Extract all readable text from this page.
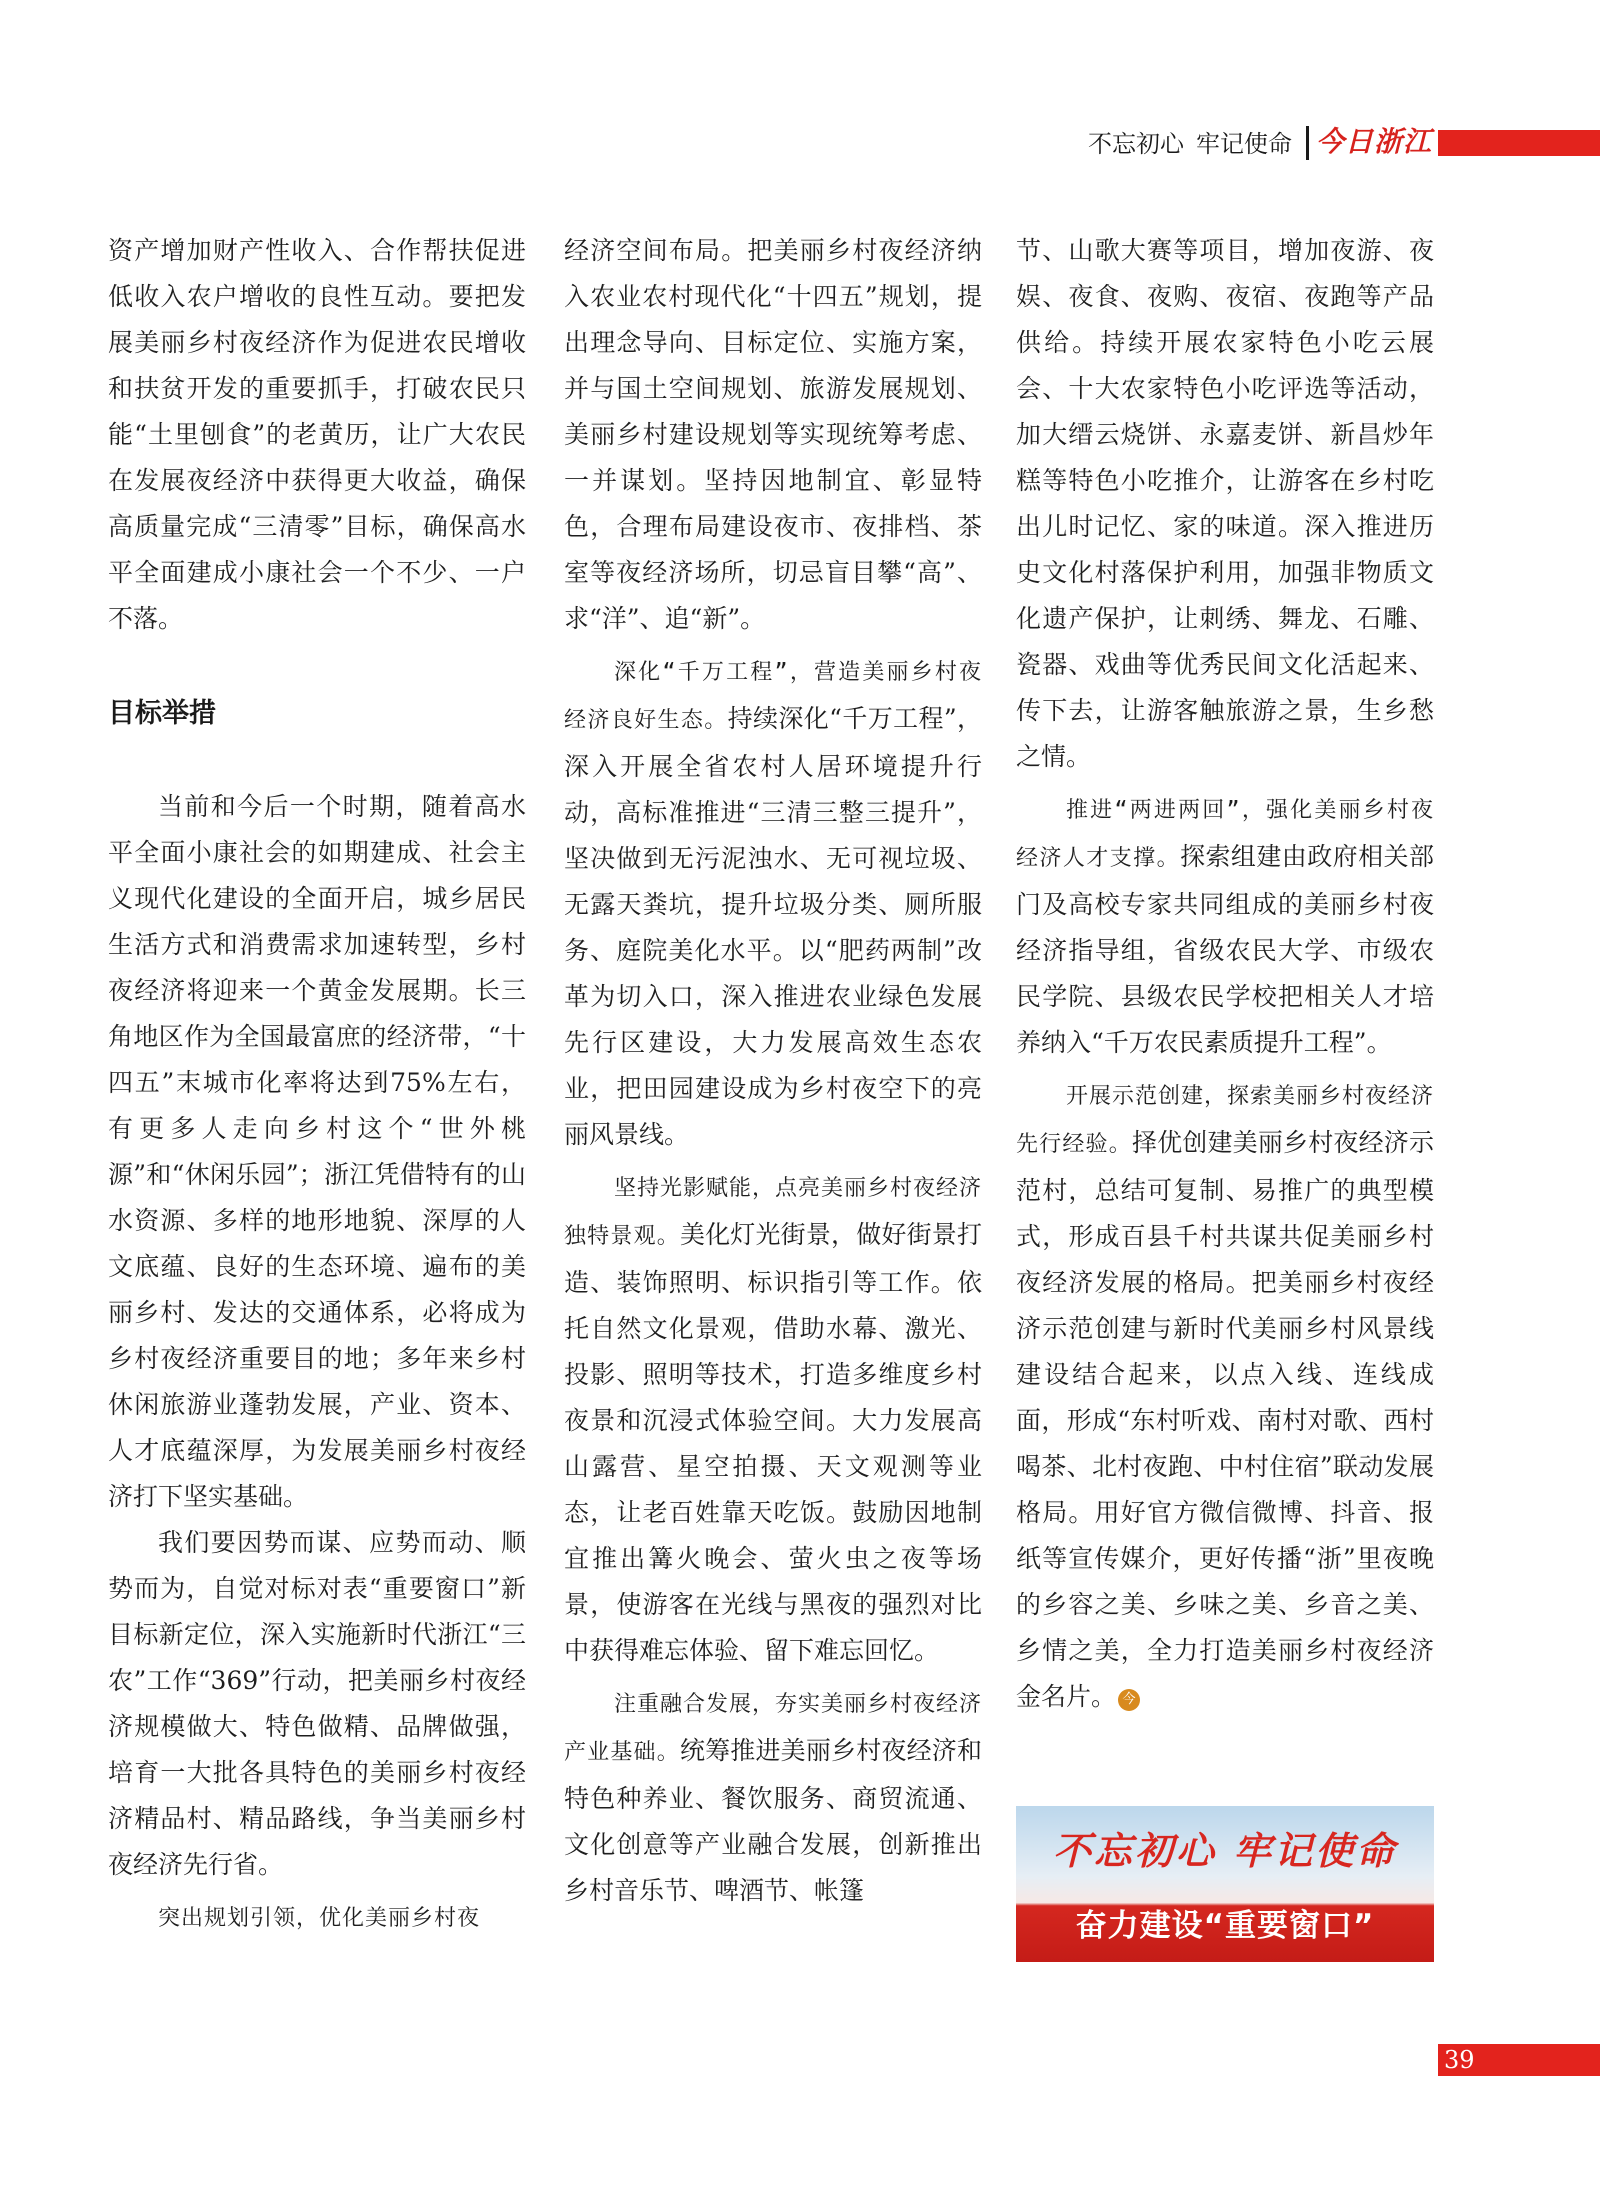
不忘初心 牢记使命 今日浙江

资产增加财产性收入、合作帮扶促进低收入农户增收的良性互动。要把发展美丽乡村夜经济作为促进农民增收和扶贫开发的重要抓手，打破农民只能“土里刨食”的老黄历，让广大农民在发展夜经济中获得更大收益，确保高质量完成“三清零”目标，确保高水平全面建成小康社会一个不少、一户不落。

目标举措

当前和今后一个时期，随着高水平全面小康社会的如期建成、社会主义现代化建设的全面开启，城乡居民生活方式和消费需求加速转型，乡村夜经济将迎来一个黄金发展期。长三角地区作为全国最富庶的经济带，“十四五”末城市化率将达到75%左右，有更多人走向乡村这个“世外桃源”和“休闲乐园”；浙江凭借特有的山水资源、多样的地形地貌、深厚的人文底蕴、良好的生态环境、遍布的美丽乡村、发达的交通体系，必将成为乡村夜经济重要目的地；多年来乡村休闲旅游业蓬勃发展，产业、资本、人才底蕴深厚，为发展美丽乡村夜经济打下坚实基础。

我们要因势而谋、应势而动、顺势而为，自觉对标对表“重要窗口”新目标新定位，深入实施新时代浙江“三农”工作“369”行动，把美丽乡村夜经济规模做大、特色做精、品牌做强，培育一大批各具特色的美丽乡村夜经济精品村、精品路线，争当美丽乡村夜经济先行省。

突出规划引领，优化美丽乡村夜

经济空间布局。把美丽乡村夜经济纳入农业农村现代化“十四五”规划，提出理念导向、目标定位、实施方案，并与国土空间规划、旅游发展规划、美丽乡村建设规划等实现统筹考虑、一并谋划。坚持因地制宜、彰显特色，合理布局建设夜市、夜排档、茶室等夜经济场所，切忌盲目攀“高”、求“洋”、追“新”。

深化“千万工程”，营造美丽乡村夜经济良好生态。持续深化“千万工程”，深入开展全省农村人居环境提升行动，高标准推进“三清三整三提升”，坚决做到无污泥浊水、无可视垃圾、无露天粪坑，提升垃圾分类、厕所服务、庭院美化水平。以“肥药两制”改革为切入口，深入推进农业绿色发展先行区建设，大力发展高效生态农业，把田园建设成为乡村夜空下的亮丽风景线。

坚持光影赋能，点亮美丽乡村夜经济独特景观。美化灯光街景，做好街景打造、装饰照明、标识指引等工作。依托自然文化景观，借助水幕、激光、投影、照明等技术，打造多维度乡村夜景和沉浸式体验空间。大力发展高山露营、星空拍摄、天文观测等业态，让老百姓靠天吃饭。鼓励因地制宜推出篝火晚会、萤火虫之夜等场景，使游客在光线与黑夜的强烈对比中获得难忘体验、留下难忘回忆。

注重融合发展，夯实美丽乡村夜经济产业基础。统筹推进美丽乡村夜经济和特色种养业、餐饮服务、商贸流通、文化创意等产业融合发展，创新推出乡村音乐节、啤酒节、帐篷

节、山歌大赛等项目，增加夜游、夜娱、夜食、夜购、夜宿、夜跑等产品供给。持续开展农家特色小吃云展会、十大农家特色小吃评选等活动，加大缙云烧饼、永嘉麦饼、新昌炒年糕等特色小吃推介，让游客在乡村吃出儿时记忆、家的味道。深入推进历史文化村落保护利用，加强非物质文化遗产保护，让刺绣、舞龙、石雕、瓷器、戏曲等优秀民间文化活起来、传下去，让游客触旅游之景，生乡愁之情。

推进“两进两回”，强化美丽乡村夜经济人才支撑。探索组建由政府相关部门及高校专家共同组成的美丽乡村夜经济指导组，省级农民大学、市级农民学院、县级农民学校把相关人才培养纳入“千万农民素质提升工程”。

开展示范创建，探索美丽乡村夜经济先行经验。择优创建美丽乡村夜经济示范村，总结可复制、易推广的典型模式，形成百县千村共谋共促美丽乡村夜经济发展的格局。把美丽乡村夜经济示范创建与新时代美丽乡村风景线建设结合起来，以点入线、连线成面，形成“东村听戏、南村对歌、西村喝茶、北村夜跑、中村住宿”联动发展格局。用好官方微信微博、抖音、报纸等宣传媒介，更好传播“浙”里夜晚的乡容之美、乡味之美、乡音之美、乡情之美，全力打造美丽乡村夜经济金名片。 今

不忘初心 牢记使命
奋力建设“重要窗口”
39
